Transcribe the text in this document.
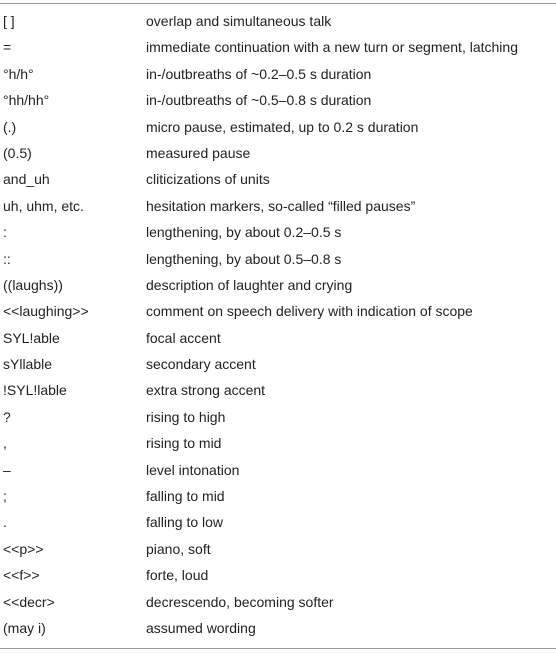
[ ]	overlap and simultaneous talk
=	immediate continuation with a new turn or segment, latching
°h/h°	in-/outbreaths of ~0.2–0.5 s duration
°hh/hh°	in-/outbreaths of ~0.5–0.8 s duration
(.)	micro pause, estimated, up to 0.2 s duration
(0.5)	measured pause
and_uh	cliticizations of units
uh, uhm, etc.	hesitation markers, so-called “filled pauses”
:	lengthening, by about 0.2–0.5 s
::	lengthening, by about 0.5–0.8 s
((laughs))	description of laughter and crying
<<laughing>>	comment on speech delivery with indication of scope
SYL!able	focal accent
sYllable	secondary accent
!SYL!lable	extra strong accent
?	rising to high
,	rising to mid
–	level intonation
;	falling to mid
.	falling to low
<<p>>	piano, soft
<<f>>	forte, loud
<<decr>	decrescendo, becoming softer
(may i)	assumed wording
